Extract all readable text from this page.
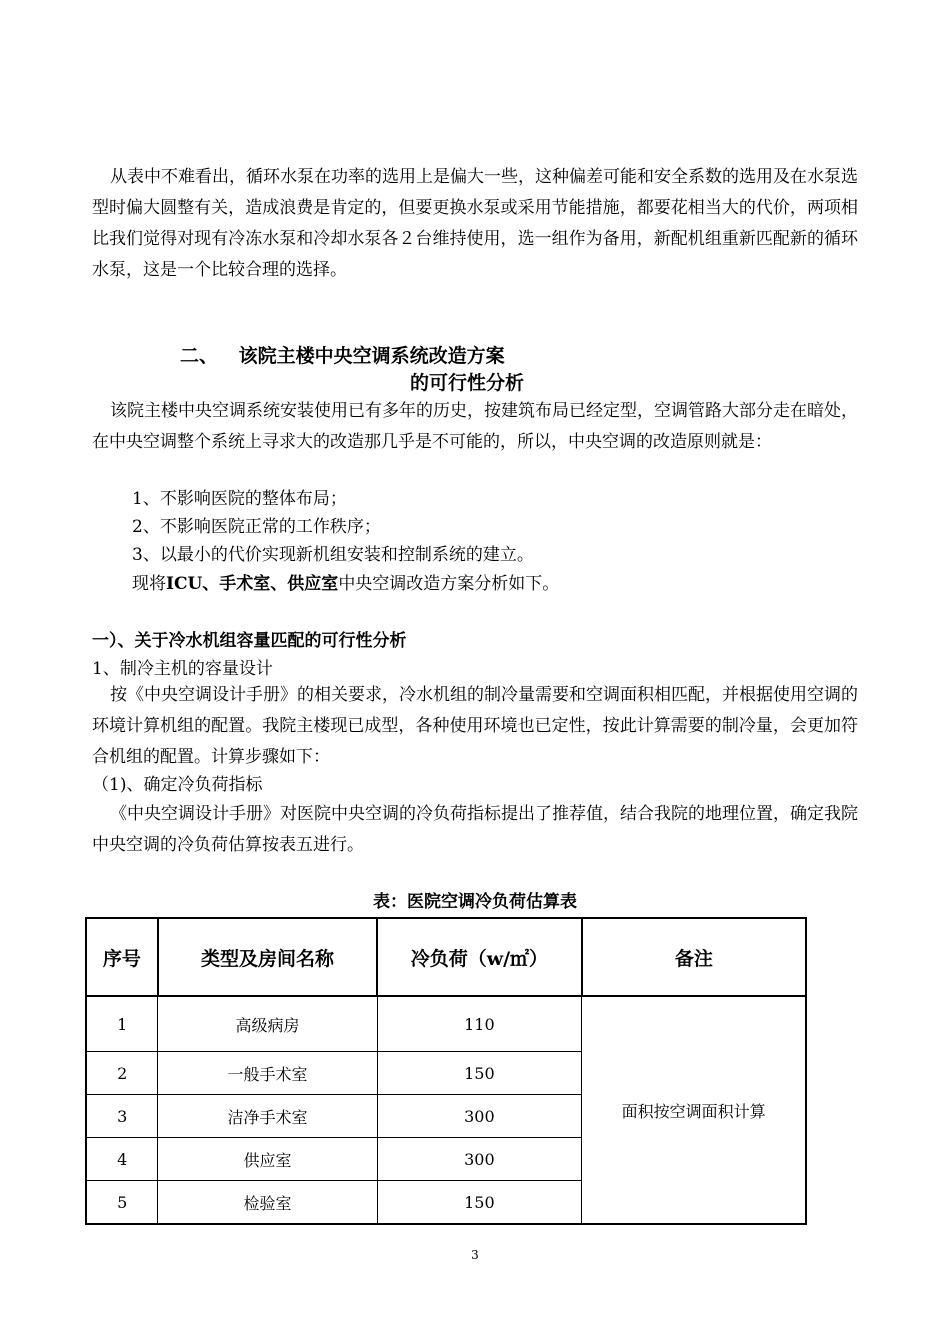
从表中不难看出，循环水泵在功率的选用上是偏大一些，这种偏差可能和安全系数的选用及在水泵选型时偏大圆整有关，造成浪费是肯定的，但要更换水泵或采用节能措施，都要花相当大的代价，两项相比我们觉得对现有冷冻水泵和冷却水泵各２台维持使用，选一组作为备用，新配机组重新匹配新的循环水泵，这是一个比较合理的选择。

二、 该院主楼中央空调系统改造方案
的可行性分析

该院主楼中央空调系统安装使用已有多年的历史，按建筑布局已经定型，空调管路大部分走在暗处，在中央空调整个系统上寻求大的改造那几乎是不可能的，所以，中央空调的改造原则就是：

1、不影响医院的整体布局；
2、不影响医院正常的工作秩序；
3、以最小的代价实现新机组安装和控制系统的建立。
现将ICU、手术室、供应室中央空调改造方案分析如下。
一）、关于冷水机组容量匹配的可行性分析
1、制冷主机的容量设计

按《中央空调设计手册》的相关要求，冷水机组的制冷量需要和空调面积相匹配，并根据使用空调的环境计算机组的配置。我院主楼现已成型，各种使用环境也已定性，按此计算需要的制冷量，会更加符合机组的配置。计算步骤如下：

（1)、确定冷负荷指标

《中央空调设计手册》对医院中央空调的冷负荷指标提出了推荐值，结合我院的地理位置，确定我院中央空调的冷负荷估算按表五进行。

表：医院空调冷负荷估算表
序号	类型及房间名称	冷负荷（w/㎡）	备注
1	高级病房	110	面积按空调面积计算
2	一般手术室	150	
3	洁净手术室	300	
4	供应室	300	
5	检验室	150	
3
